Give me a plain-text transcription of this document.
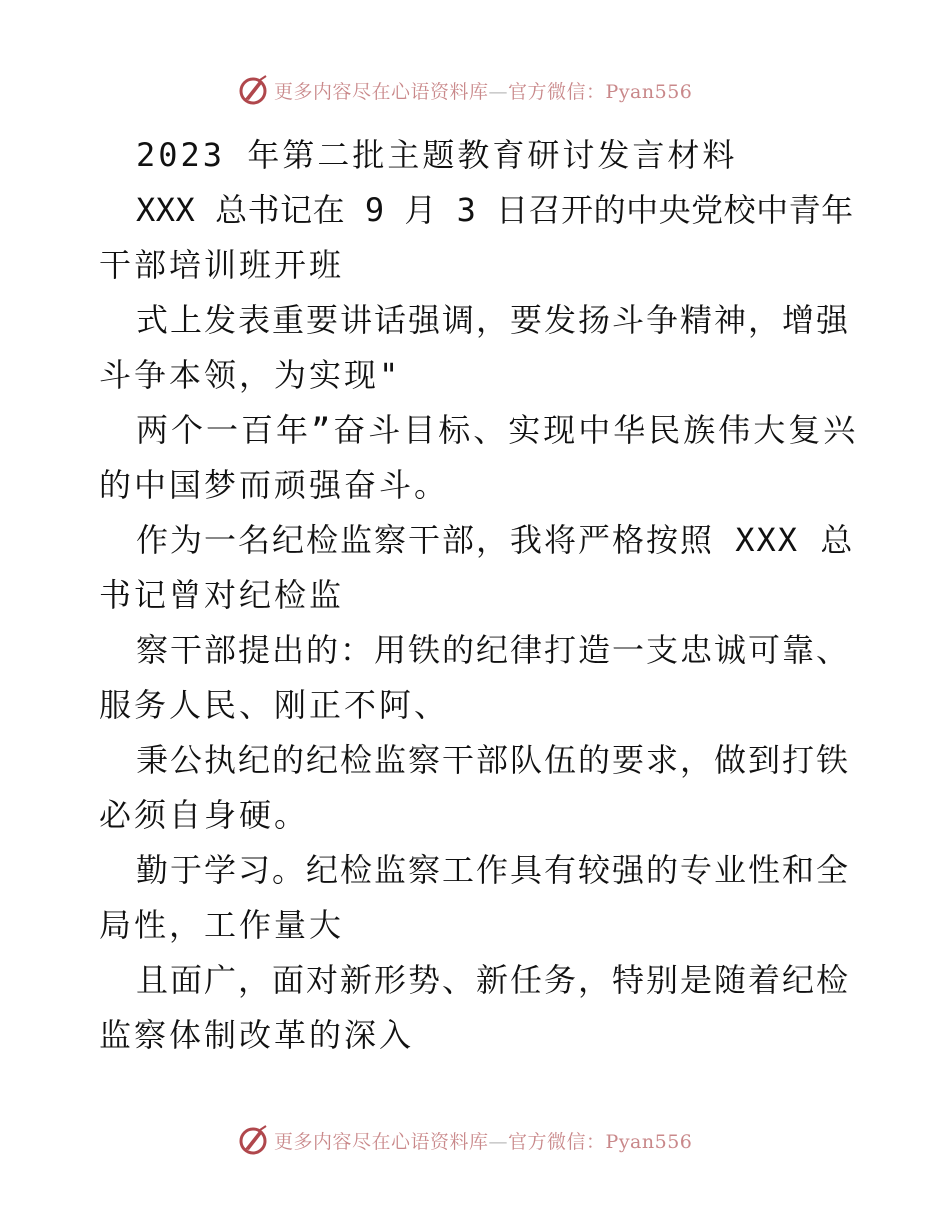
更多内容尽在心语资料库—官方微信：Pyan556
2023 年第二批主题教育研讨发言材料
XXX 总书记在 9 月 3 日召开的中央党校中青年
干部培训班开班
式上发表重要讲话强调，要发扬斗争精神，增强
斗争本领，为实现"
两个一百年”奋斗目标、实现中华民族伟大复兴
的中国梦而顽强奋斗。
作为一名纪检监察干部，我将严格按照 XXX 总
书记曾对纪检监
察干部提出的：用铁的纪律打造一支忠诚可靠、
服务人民、刚正不阿、
秉公执纪的纪检监察干部队伍的要求，做到打铁
必须自身硬。
勤于学习。纪检监察工作具有较强的专业性和全
局性，工作量大
且面广，面对新形势、新任务，特别是随着纪检
监察体制改革的深入
更多内容尽在心语资料库—官方微信：Pyan556
